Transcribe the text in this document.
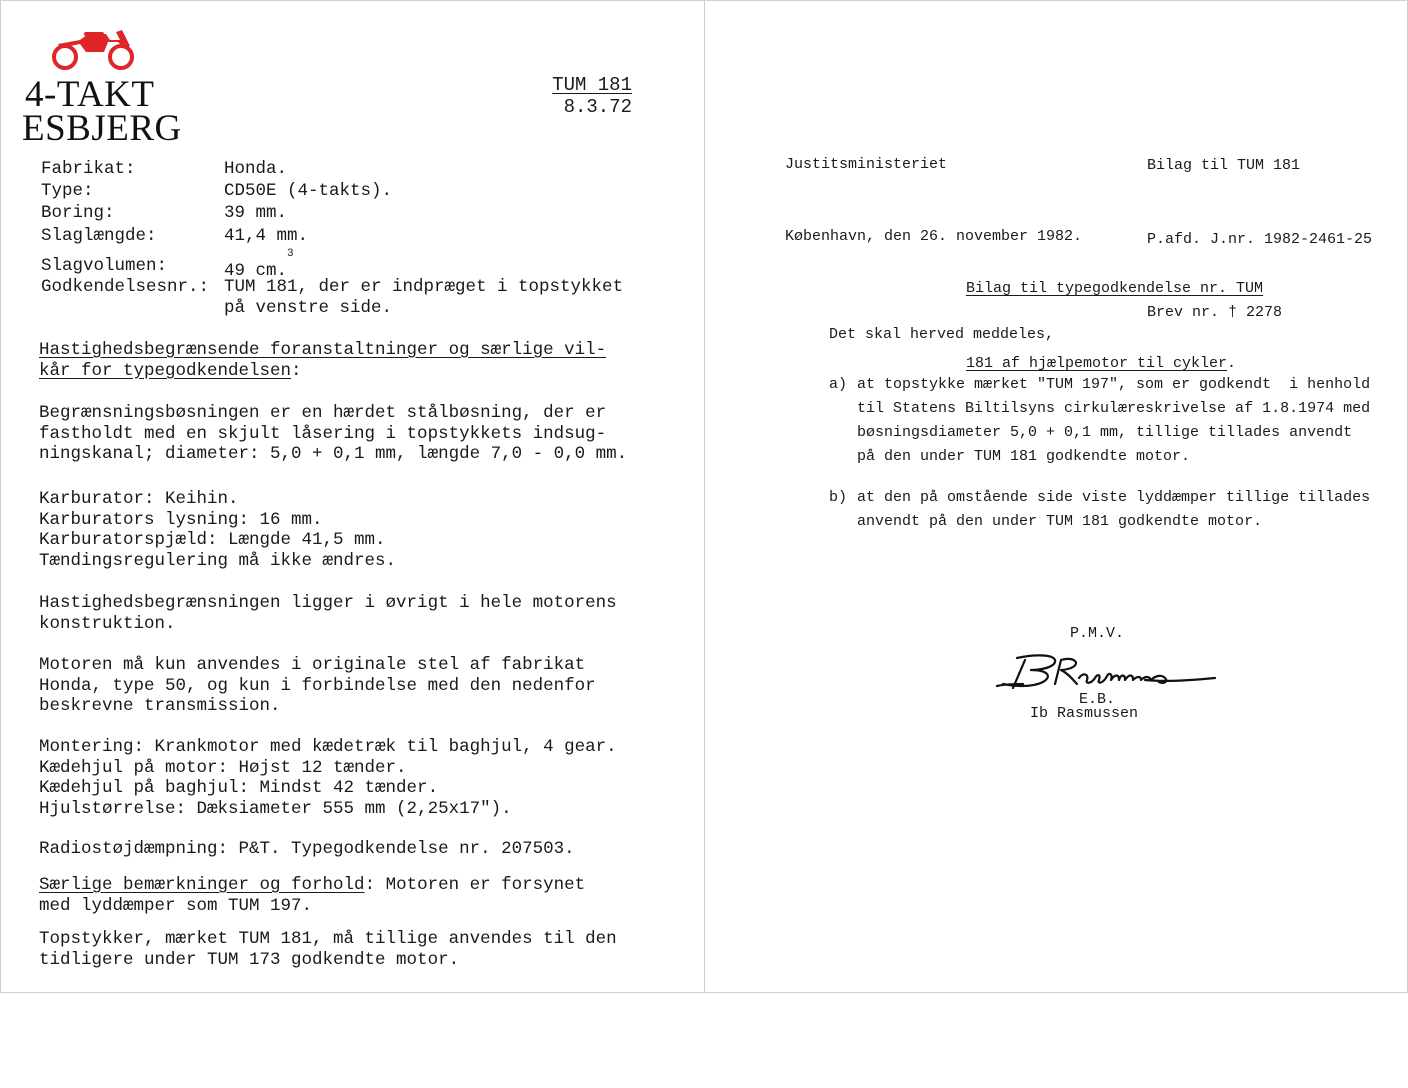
4-TAKT
ESBJERG
TUM 181
8.3.72
Fabrikat:	Honda.
Type:	CD50E (4-takts).
Boring:	39 mm.
Slaglængde:	41,4 mm.
Slagvolumen:	49 cm.$^3$
Godkendelsesnr.: TUM 181, der er indpræget i topstykket
på venstre side.
Hastighedsbegrænsende foranstaltninger og særlige vil-
kår for typegodkendelsen:
Begrænsningsbøsningen er en hærdet stålbøsning, der er
fastholdt med en skjult låsering i topstykkets indsug-
ningskanal; diameter: 5,0 + 0,1 mm, længde 7,0 - 0,0 mm.
Karburator: Keihin.
Karburators lysning: 16 mm.
Karburatorspjæld: Længde 41,5 mm.
Tændingsregulering må ikke ændres.
Hastighedsbegrænsningen ligger i øvrigt i hele motorens
konstruktion.
Motoren må kun anvendes i originale stel af fabrikat
Honda, type 50, og kun i forbindelse med den nedenfor
beskrevne transmission.
Montering: Krankmotor med kædetræk til baghjul, 4 gear.
Kædehjul på motor: Højst 12 tænder.
Kædehjul på baghjul: Mindst 42 tænder.
Hjulstørrelse: Dæksiameter 555 mm (2,25x17").
Radiostøjdæmpning: P&T. Typegodkendelse nr. 207503.
Særlige bemærkninger og forhold: Motoren er forsynet
med lyddæmper som TUM 197.
Topstykker, mærket TUM 181, må tillige anvendes til den
tidligere under TUM 173 godkendte motor.

Justitsministeriet

København, den 26. november 1982.

Bilag til TUM 181

P.afd. J.nr. 1982-2461-25

Brev nr. † 2278

Bilag til typegodkendelse nr. TUM

181 af hjælpemotor til cykler.

Det skal herved meddeles,
a) at topstykke mærket "TUM 197", som er godkendt  i henhold
til Statens Biltilsyns cirkulæreskrivelse af 1.8.1974 med
bøsningsdiameter 5,0 + 0,1 mm, tillige tillades anvendt
på den under TUM 181 godkendte motor.
b) at den på omstående side viste lyddæmper tillige tillades
anvendt på den under TUM 181 godkendte motor.

P.M.V.

E.B.

Ib Rasmussen
